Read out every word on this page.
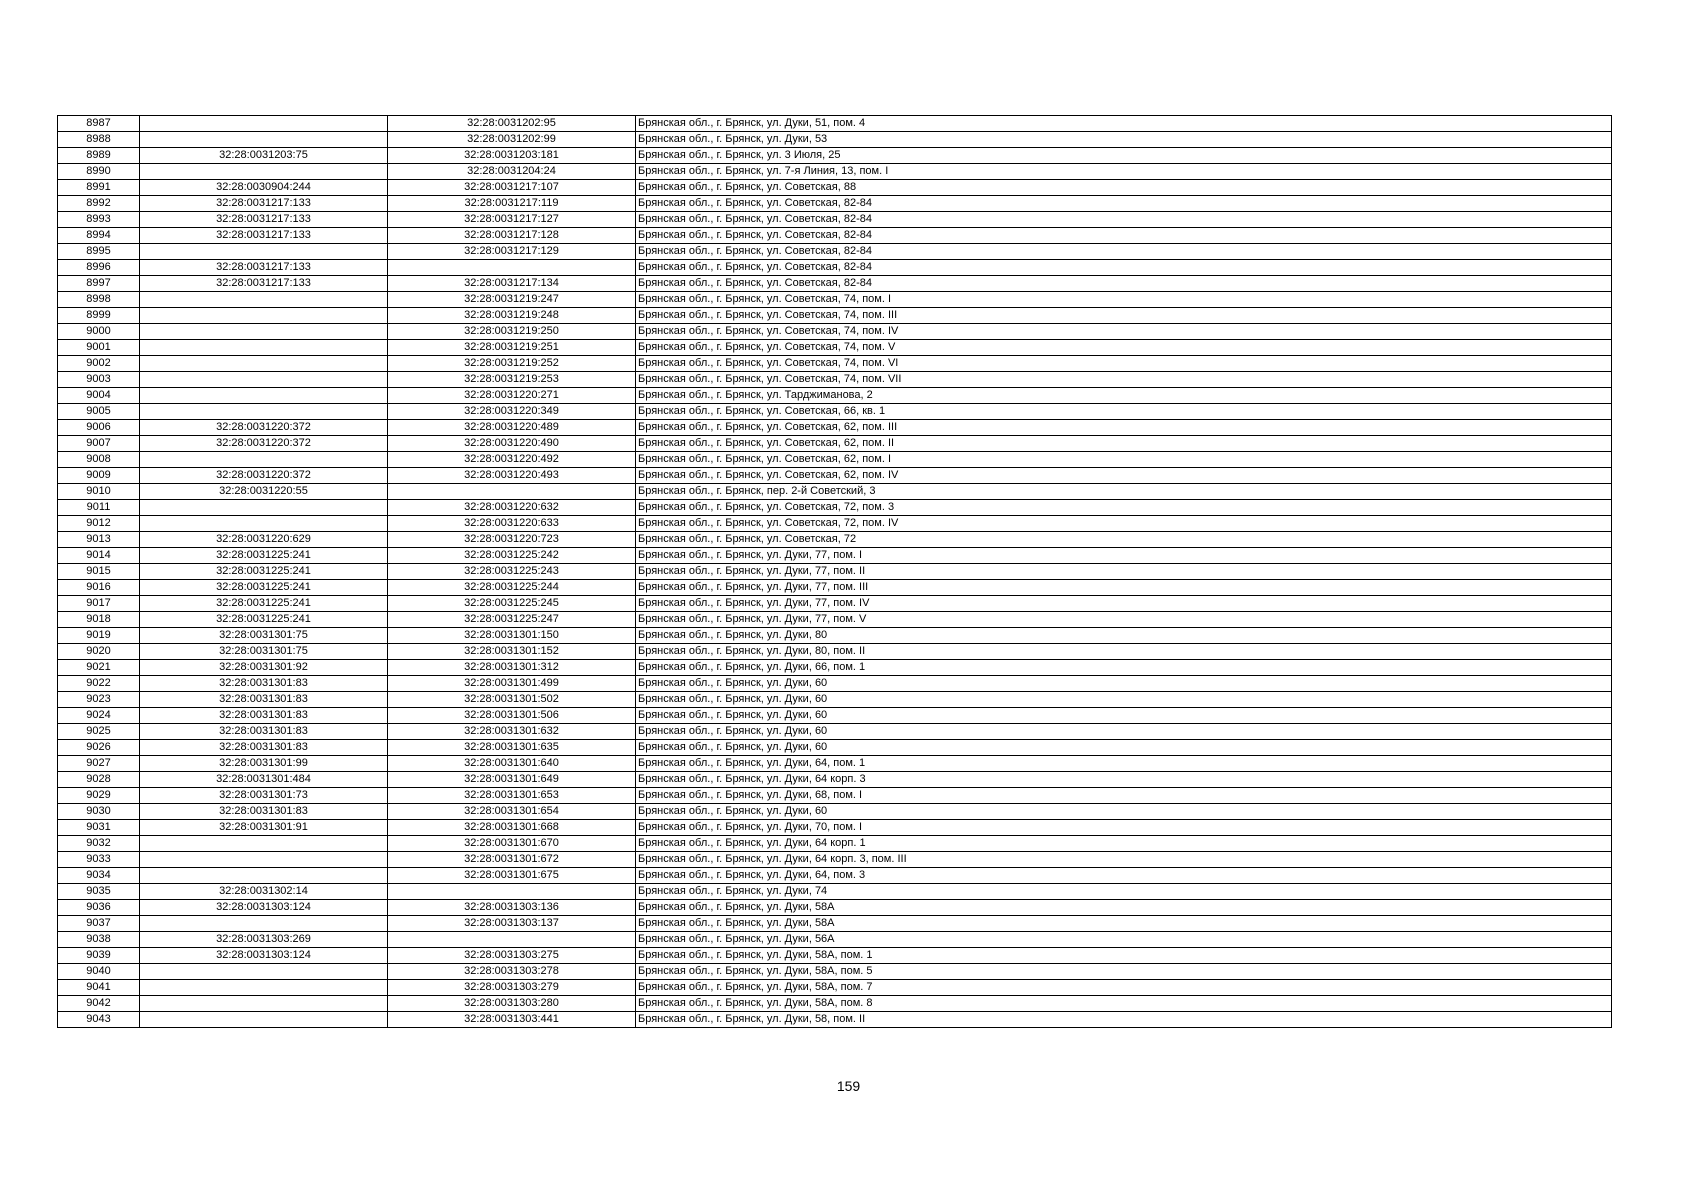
8987		32:28:0031202:95	Брянская обл., г. Брянск, ул. Дуки, 51, пом. 4
8988		32:28:0031202:99	Брянская обл., г. Брянск, ул. Дуки, 53
8989	32:28:0031203:75	32:28:0031203:181	Брянская обл., г. Брянск, ул. 3 Июля, 25
8990		32:28:0031204:24	Брянская обл., г. Брянск, ул. 7-я Линия, 13, пом. I
8991	32:28:0030904:244	32:28:0031217:107	Брянская обл., г. Брянск, ул. Советская, 88
8992	32:28:0031217:133	32:28:0031217:119	Брянская обл., г. Брянск, ул. Советская, 82-84
8993	32:28:0031217:133	32:28:0031217:127	Брянская обл., г. Брянск, ул. Советская, 82-84
8994	32:28:0031217:133	32:28:0031217:128	Брянская обл., г. Брянск, ул. Советская, 82-84
8995		32:28:0031217:129	Брянская обл., г. Брянск, ул. Советская, 82-84
8996	32:28:0031217:133		Брянская обл., г. Брянск, ул. Советская, 82-84
8997	32:28:0031217:133	32:28:0031217:134	Брянская обл., г. Брянск, ул. Советская, 82-84
8998		32:28:0031219:247	Брянская обл., г. Брянск, ул. Советская, 74, пом. I
8999		32:28:0031219:248	Брянская обл., г. Брянск, ул. Советская, 74, пом. III
9000		32:28:0031219:250	Брянская обл., г. Брянск, ул. Советская, 74, пом. IV
9001		32:28:0031219:251	Брянская обл., г. Брянск, ул. Советская, 74, пом. V
9002		32:28:0031219:252	Брянская обл., г. Брянск, ул. Советская, 74, пом. VI
9003		32:28:0031219:253	Брянская обл., г. Брянск, ул. Советская, 74, пом. VII
9004		32:28:0031220:271	Брянская обл., г. Брянск, ул. Тарджиманова, 2
9005		32:28:0031220:349	Брянская обл., г. Брянск, ул. Советская, 66, кв. 1
9006	32:28:0031220:372	32:28:0031220:489	Брянская обл., г. Брянск, ул. Советская, 62, пом. III
9007	32:28:0031220:372	32:28:0031220:490	Брянская обл., г. Брянск, ул. Советская, 62, пом. II
9008		32:28:0031220:492	Брянская обл., г. Брянск, ул. Советская, 62, пом. I
9009	32:28:0031220:372	32:28:0031220:493	Брянская обл., г. Брянск, ул. Советская, 62, пом. IV
9010	32:28:0031220:55		Брянская обл., г. Брянск, пер. 2-й Советский, 3
9011		32:28:0031220:632	Брянская обл., г. Брянск, ул. Советская, 72, пом. 3
9012		32:28:0031220:633	Брянская обл., г. Брянск, ул. Советская, 72, пом. IV
9013	32:28:0031220:629	32:28:0031220:723	Брянская обл., г. Брянск, ул. Советская, 72
9014	32:28:0031225:241	32:28:0031225:242	Брянская обл., г. Брянск, ул. Дуки, 77, пом. I
9015	32:28:0031225:241	32:28:0031225:243	Брянская обл., г. Брянск, ул. Дуки, 77, пом. II
9016	32:28:0031225:241	32:28:0031225:244	Брянская обл., г. Брянск, ул. Дуки, 77, пом. III
9017	32:28:0031225:241	32:28:0031225:245	Брянская обл., г. Брянск, ул. Дуки, 77, пом. IV
9018	32:28:0031225:241	32:28:0031225:247	Брянская обл., г. Брянск, ул. Дуки, 77, пом. V
9019	32:28:0031301:75	32:28:0031301:150	Брянская обл., г. Брянск, ул. Дуки, 80
9020	32:28:0031301:75	32:28:0031301:152	Брянская обл., г. Брянск, ул. Дуки, 80, пом. II
9021	32:28:0031301:92	32:28:0031301:312	Брянская обл., г. Брянск, ул. Дуки, 66, пом. 1
9022	32:28:0031301:83	32:28:0031301:499	Брянская обл., г. Брянск, ул. Дуки, 60
9023	32:28:0031301:83	32:28:0031301:502	Брянская обл., г. Брянск, ул. Дуки, 60
9024	32:28:0031301:83	32:28:0031301:506	Брянская обл., г. Брянск, ул. Дуки, 60
9025	32:28:0031301:83	32:28:0031301:632	Брянская обл., г. Брянск, ул. Дуки, 60
9026	32:28:0031301:83	32:28:0031301:635	Брянская обл., г. Брянск, ул. Дуки, 60
9027	32:28:0031301:99	32:28:0031301:640	Брянская обл., г. Брянск, ул. Дуки, 64, пом. 1
9028	32:28:0031301:484	32:28:0031301:649	Брянская обл., г. Брянск, ул. Дуки, 64 корп. 3
9029	32:28:0031301:73	32:28:0031301:653	Брянская обл., г. Брянск, ул. Дуки, 68, пом. I
9030	32:28:0031301:83	32:28:0031301:654	Брянская обл., г. Брянск, ул. Дуки, 60
9031	32:28:0031301:91	32:28:0031301:668	Брянская обл., г. Брянск, ул. Дуки, 70, пом. I
9032		32:28:0031301:670	Брянская обл., г. Брянск, ул. Дуки, 64 корп. 1
9033		32:28:0031301:672	Брянская обл., г. Брянск, ул. Дуки, 64 корп. 3, пом. III
9034		32:28:0031301:675	Брянская обл., г. Брянск, ул. Дуки, 64, пом. 3
9035	32:28:0031302:14		Брянская обл., г. Брянск, ул. Дуки, 74
9036	32:28:0031303:124	32:28:0031303:136	Брянская обл., г. Брянск, ул. Дуки, 58А
9037		32:28:0031303:137	Брянская обл., г. Брянск, ул. Дуки, 58А
9038	32:28:0031303:269		Брянская обл., г. Брянск, ул. Дуки, 56А
9039	32:28:0031303:124	32:28:0031303:275	Брянская обл., г. Брянск, ул. Дуки, 58А, пом. 1
9040		32:28:0031303:278	Брянская обл., г. Брянск, ул. Дуки, 58А, пом. 5
9041		32:28:0031303:279	Брянская обл., г. Брянск, ул. Дуки, 58А, пом. 7
9042		32:28:0031303:280	Брянская обл., г. Брянск, ул. Дуки, 58А, пом. 8
9043		32:28:0031303:441	Брянская обл., г. Брянск, ул. Дуки, 58, пом. II
159
